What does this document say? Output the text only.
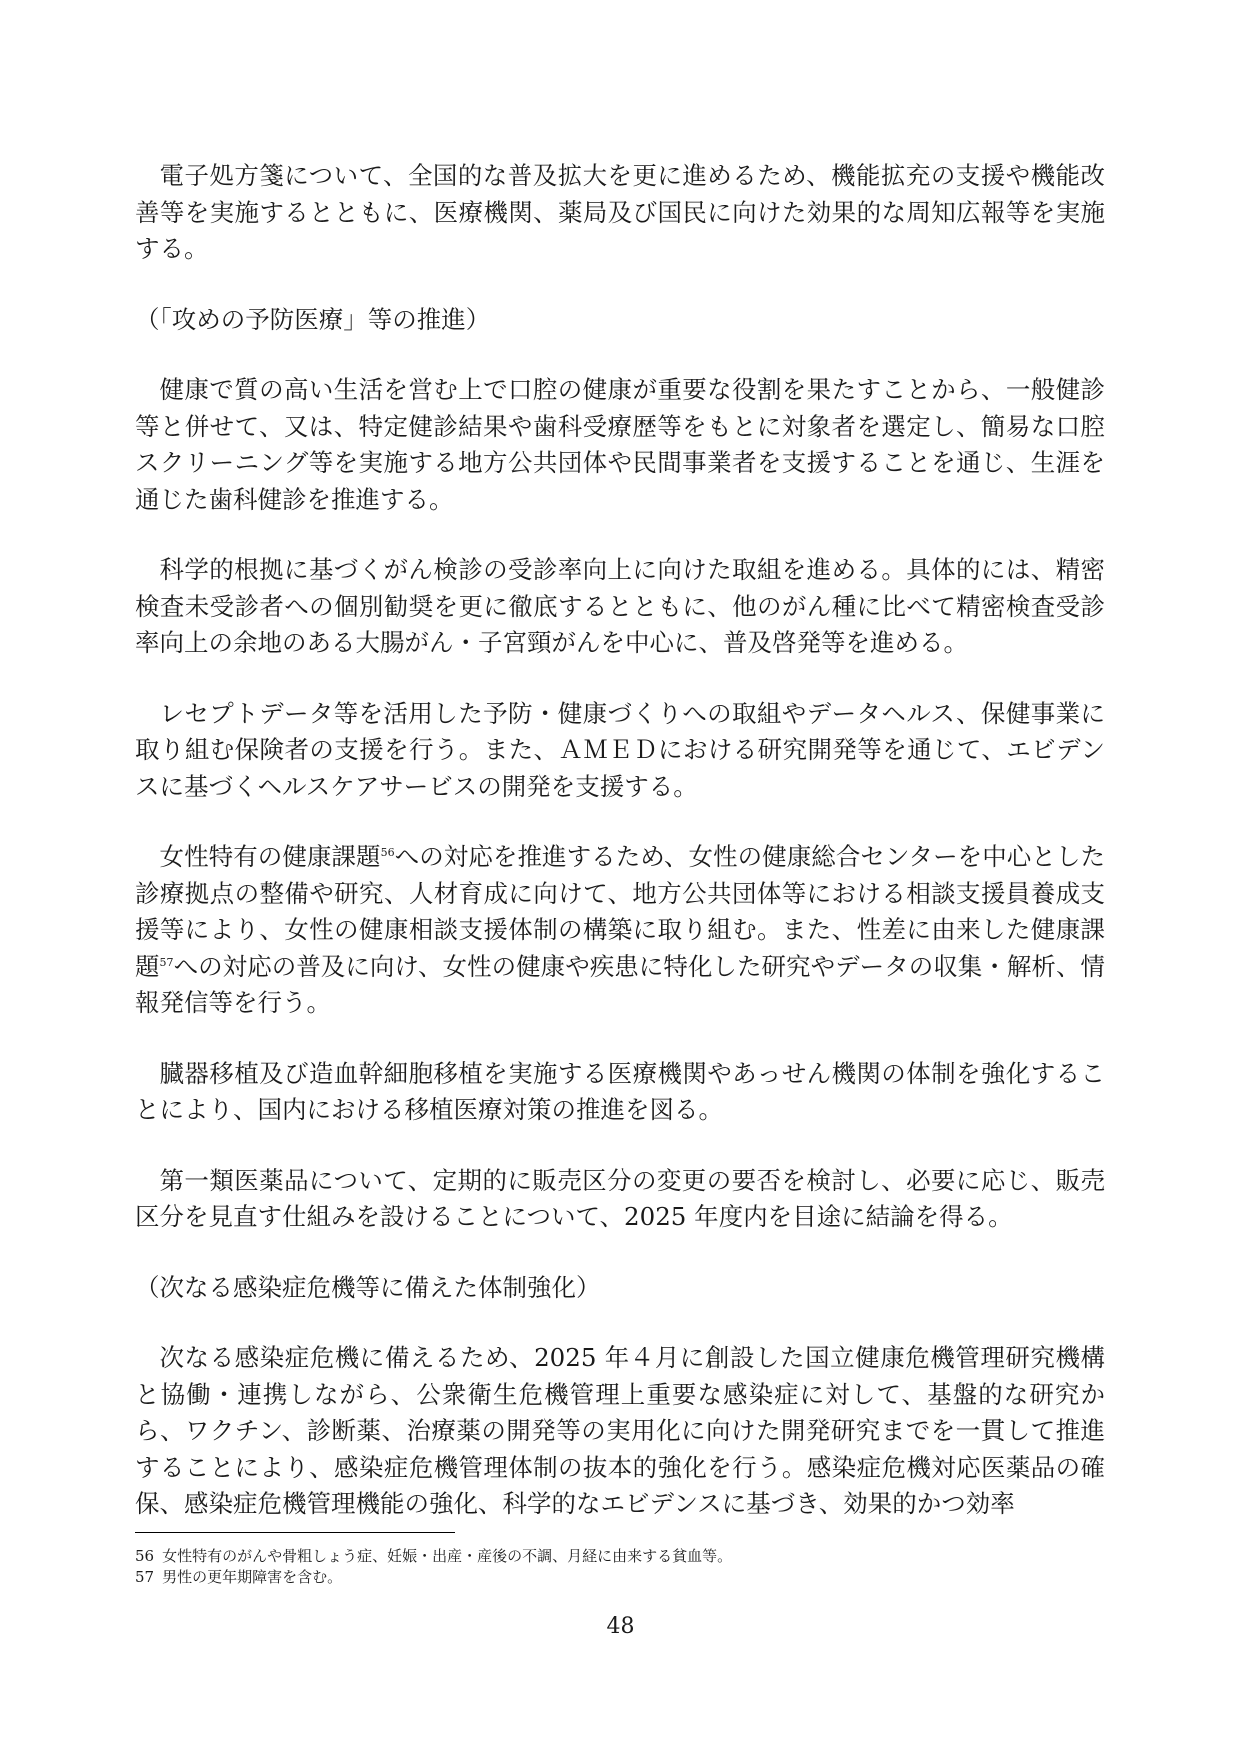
電子処方箋について、全国的な普及拡大を更に進めるため、機能拡充の支援や機能改善等を実施するとともに、医療機関、薬局及び国民に向けた効果的な周知広報等を実施する。

（「攻めの予防医療」等の推進）

健康で質の高い生活を営む上で口腔の健康が重要な役割を果たすことから、一般健診等と併せて、又は、特定健診結果や歯科受療歴等をもとに対象者を選定し、簡易な口腔スクリーニング等を実施する地方公共団体や民間事業者を支援することを通じ、生涯を通じた歯科健診を推進する。

科学的根拠に基づくがん検診の受診率向上に向けた取組を進める。具体的には、精密検査未受診者への個別勧奨を更に徹底するとともに、他のがん種に比べて精密検査受診率向上の余地のある大腸がん・子宮頸がんを中心に、普及啓発等を進める。

レセプトデータ等を活用した予防・健康づくりへの取組やデータヘルス、保健事業に取り組む保険者の支援を行う。また、ＡＭＥＤにおける研究開発等を通じて、エビデンスに基づくヘルスケアサービスの開発を支援する。

女性特有の健康課題$^{56}$への対応を推進するため、女性の健康総合センターを中心とした診療拠点の整備や研究、人材育成に向けて、地方公共団体等における相談支援員養成支援等により、女性の健康相談支援体制の構築に取り組む。また、性差に由来した健康課題$^{57}$への対応の普及に向け、女性の健康や疾患に特化した研究やデータの収集・解析、情報発信等を行う。

臓器移植及び造血幹細胞移植を実施する医療機関やあっせん機関の体制を強化することにより、国内における移植医療対策の推進を図る。

第一類医薬品について、定期的に販売区分の変更の要否を検討し、必要に応じ、販売区分を見直す仕組みを設けることについて、2025 年度内を目途に結論を得る。

（次なる感染症危機等に備えた体制強化）

次なる感染症危機に備えるため、2025 年４月に創設した国立健康危機管理研究機構と協働・連携しながら、公衆衛生危機管理上重要な感染症に対して、基盤的な研究から、ワクチン、診断薬、治療薬の開発等の実用化に向けた開発研究までを一貫して推進することにより、感染症危機管理体制の抜本的強化を行う。感染症危機対応医薬品の確保、感染症危機管理機能の強化、科学的なエビデンスに基づき、効果的かつ効率

56 女性特有のがんや骨粗しょう症、妊娠・出産・産後の不調、月経に由来する貧血等。
57 男性の更年期障害を含む。
48
